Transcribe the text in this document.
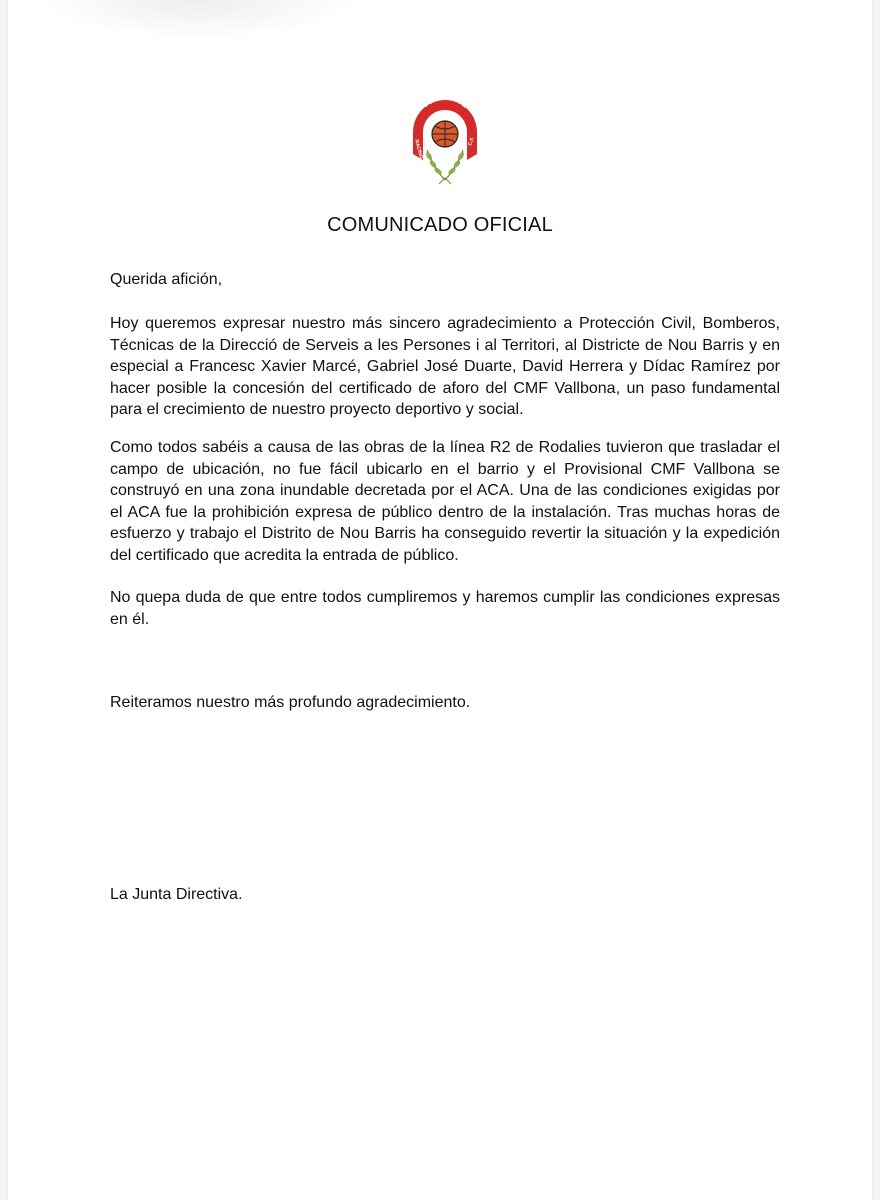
Vallbona
RACING	C.F.
COMUNICADO OFICIAL
Querida afición,
Hoy queremos expresar nuestro más sincero agradecimiento a Protección Civil, Bomberos, Técnicas de la Direcció de Serveis a les Persones i al Territori, al Districte de Nou Barris y en especial a Francesc Xavier Marcé, Gabriel José Duarte, David Herrera y Dídac Ramírez por hacer posible la concesión del certificado de aforo del CMF Vallbona, un paso fundamental para el crecimiento de nuestro proyecto deportivo y social.
Como todos sabéis a causa de las obras de la línea R2 de Rodalies tuvieron que trasladar el campo de ubicación, no fue fácil ubicarlo en el barrio y el Provisional CMF Vallbona se construyó en una zona inundable decretada por el ACA. Una de las condiciones exigidas por el ACA fue la prohibición expresa de público dentro de la instalación. Tras muchas horas de esfuerzo y trabajo el Distrito de Nou Barris ha conseguido revertir la situación y la expedición del certificado que acredita la entrada de público.
No quepa duda de que entre todos cumpliremos y haremos cumplir las condiciones expresas en él.
Reiteramos nuestro más profundo agradecimiento.
La Junta Directiva.
